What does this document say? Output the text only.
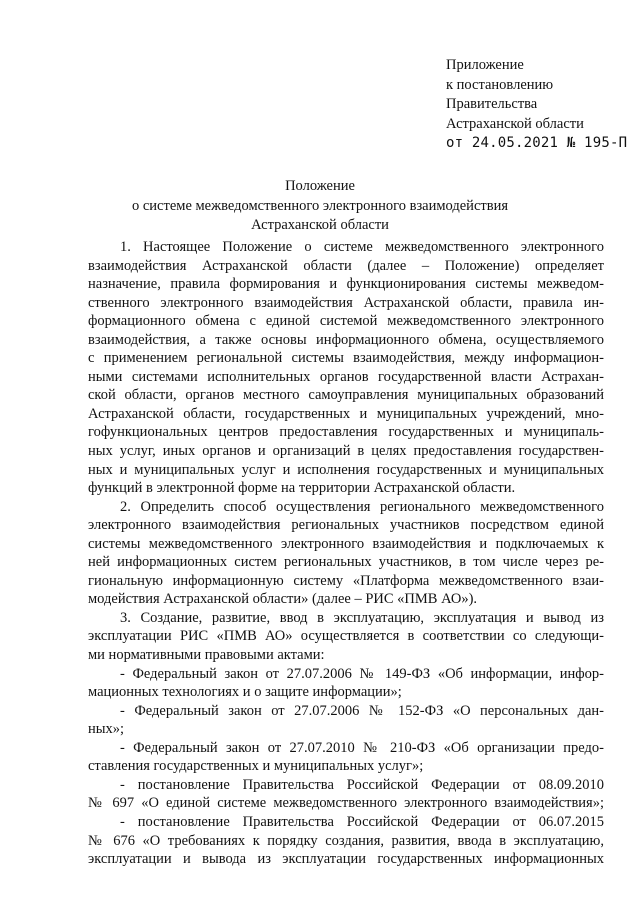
Приложение
к постановлению
Правительства
Астраханской области
от 24.05.2021 № 195-П
Положение
о системе межведомственного электронного взаимодействия
Астраханской области
1. Настоящее Положение о системе межведомственного электронного
взаимодействия Астраханской области (далее – Положение) определяет
назначение, правила формирования и функционирования системы межведом-
ственного электронного взаимодействия Астраханской области, правила ин-
формационного обмена с единой системой межведомственного электронного
взаимодействия, а также основы информационного обмена, осуществляемого
с применением региональной системы взаимодействия, между информацион-
ными системами исполнительных органов государственной власти Астрахан-
ской области, органов местного самоуправления муниципальных образований
Астраханской области, государственных и муниципальных учреждений, мно-
гофункциональных центров предоставления государственных и муниципаль-
ных услуг, иных органов и организаций в целях предоставления государствен-
ных и муниципальных услуг и исполнения государственных и муниципальных
функций в электронной форме на территории Астраханской области.
2. Определить способ осуществления регионального межведомственного
электронного взаимодействия региональных участников посредством единой
системы межведомственного электронного взаимодействия и подключаемых к
ней информационных систем региональных участников, в том числе через ре-
гиональную информационную систему «Платформа межведомственного взаи-
модействия Астраханской области» (далее – РИС «ПМВ АО»).
3. Создание, развитие, ввод в эксплуатацию, эксплуатация и вывод из
эксплуатации РИС «ПМВ АО» осуществляется в соответствии со следующи-
ми нормативными правовыми актами:
- Федеральный закон от 27.07.2006 № 149-ФЗ «Об информации, инфор-
мационных технологиях и о защите информации»;
- Федеральный закон от 27.07.2006 № 152-ФЗ «О персональных дан-
ных»;
- Федеральный закон от 27.07.2010 № 210-ФЗ «Об организации предо-
ставления государственных и муниципальных услуг»;
- постановление Правительства Российской Федерации от 08.09.2010
№ 697 «О единой системе межведомственного электронного взаимодействия»;
- постановление Правительства Российской Федерации от 06.07.2015
№ 676 «О требованиях к порядку создания, развития, ввода в эксплуатацию,
эксплуатации и вывода из эксплуатации государственных информационных
